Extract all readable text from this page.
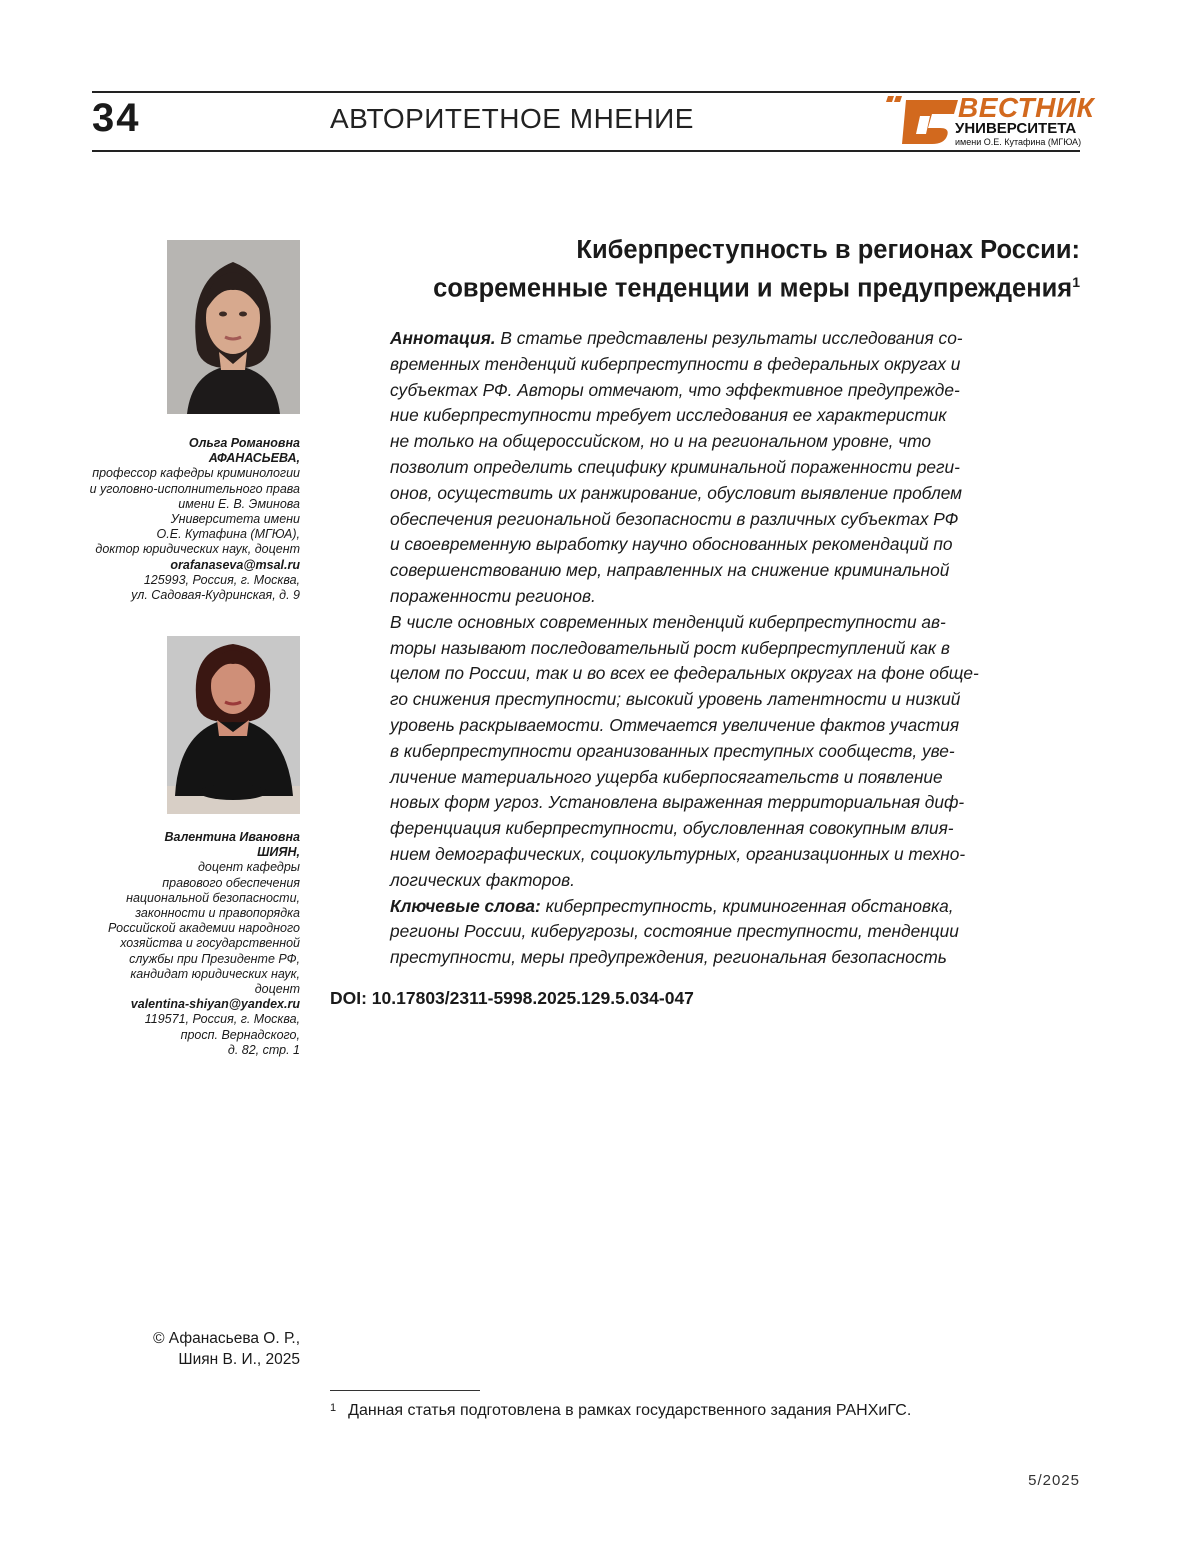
34	АВТОРИТЕТНОЕ МНЕНИЕ	ВЕСТНИК
УНИВЕРСИТЕТА
имени О.Е. Кутафина (МГЮА)
Ольга Романовна
АФАНАСЬЕВА,
профессор кафедры криминологии
и уголовно-исполнительного права
имени Е. В. Эминова
Университета имени
О.Е. Кутафина (МГЮА),
доктор юридических наук, доцент
orafanaseva@msal.ru
125993, Россия, г. Москва,
ул. Садовая-Кудринская, д. 9
Валентина Ивановна
ШИЯН,
доцент кафедры
правового обеспечения
национальной безопасности,
законности и правопорядка
Российской академии народного
хозяйства и государственной
службы при Президенте РФ,
кандидат юридических наук,
доцент
valentina-shiyan@yandex.ru
119571, Россия, г. Москва,
просп. Вернадского,
д. 82, стр. 1
Киберпреступность в регионах России:
современные тенденции и меры предупреждения1
Аннотация. В статье представлены результаты исследования со-
временных тенденций киберпреступности в федеральных округах и
субъектах РФ. Авторы отмечают, что эффективное предупрежде-
ние киберпреступности требует исследования ее характеристик
не только на общероссийском, но и на региональном уровне, что
позволит определить специфику криминальной пораженности реги-
онов, осуществить их ранжирование, обусловит выявление проблем
обеспечения региональной безопасности в различных субъектах РФ
и своевременную выработку научно обоснованных рекомендаций по
совершенствованию мер, направленных на снижение криминальной
пораженности регионов.
В числе основных современных тенденций киберпреступности ав-
торы называют последовательный рост киберпреступлений как в
целом по России, так и во всех ее федеральных округах на фоне обще-
го снижения преступности; высокий уровень латентности и низкий
уровень раскрываемости. Отмечается увеличение фактов участия
в киберпреступности организованных преступных сообществ, уве-
личение материального ущерба киберпосягательств и появление
новых форм угроз. Установлена выраженная территориальная диф-
ференциация киберпреступности, обусловленная совокупным влия-
нием демографических, социокультурных, организационных и техно-
логических факторов.
Ключевые слова: киберпреступность, криминогенная обстановка,
регионы России, киберугрозы, состояние преступности, тенденции
преступности, меры предупреждения, региональная безопасность
DOI: 10.17803/2311-5998.2025.129.5.034-047
© Афанасьева О. Р.,
Шиян В. И., 2025
1 Данная статья подготовлена в рамках государственного задания РАНХиГС.
5/2025
